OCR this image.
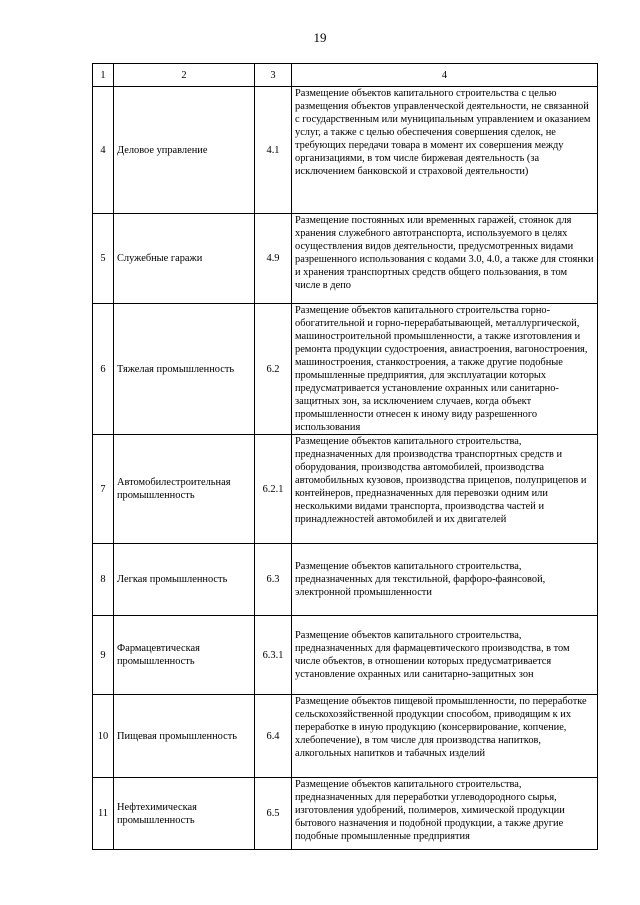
19
1	2	3	4
4	Деловое управление	4.1	Размещение объектов капитального строительства с целью размещения объектов управленческой деятельности, не связанной с государственным или муниципальным управлением и оказанием услуг, а также с целью обеспечения совершения сделок, не требующих передачи товара в момент их совершения между организациями, в том числе биржевая деятельность (за исключением банковской и страховой деятельности)
5	Служебные гаражи	4.9	Размещение постоянных или временных гаражей, стоянок для хранения служебного автотранспорта, используемого в целях осуществления видов деятельности, предусмотренных видами разрешенного использования с кодами 3.0, 4.0, а также для стоянки и хранения транспортных средств общего пользования, в том числе в депо
6	Тяжелая промышленность	6.2	Размещение объектов капитального строительства горно-обогатительной и горно-перерабатывающей, металлургической, машиностроительной промышленности, а также изготовления и ремонта продукции судостроения, авиастроения, вагоностроения, машиностроения, станкостроения, а также другие подобные промышленные предприятия, для эксплуатации которых предусматривается установление охранных или санитарно-защитных зон, за исключением случаев, когда объект промышленности отнесен к иному виду разрешенного использования
7	Автомобилестроительная промышленность	6.2.1	Размещение объектов капитального строительства, предназначенных для производства транспортных средств и оборудования, производства автомобилей, производства автомобильных кузовов, производства прицепов, полуприцепов и контейнеров, предназначенных для перевозки одним или несколькими видами транспорта, производства частей и принадлежностей автомобилей и их двигателей
8	Легкая промышленность	6.3	Размещение объектов капитального строительства, предназначенных для текстильной, фарфоро-фаянсовой, электронной промышленности
9	Фармацевтическая промышленность	6.3.1	Размещение объектов капитального строительства, предназначенных для фармацевтического производства, в том числе объектов, в отношении которых предусматривается установление охранных или санитарно-защитных зон
10	Пищевая промышленность	6.4	Размещение объектов пищевой промышленности, по переработке сельскохозяйственной продукции способом, приводящим к их переработке в иную продукцию (консервирование, копчение, хлебопечение), в том числе для производства напитков, алкогольных напитков и табачных изделий
11	Нефтехимическая промышленность	6.5	Размещение объектов капитального строительства, предназначенных для переработки углеводородного сырья, изготовления удобрений, полимеров, химической продукции бытового назначения и подобной продукции, а также другие подобные промышленные предприятия
